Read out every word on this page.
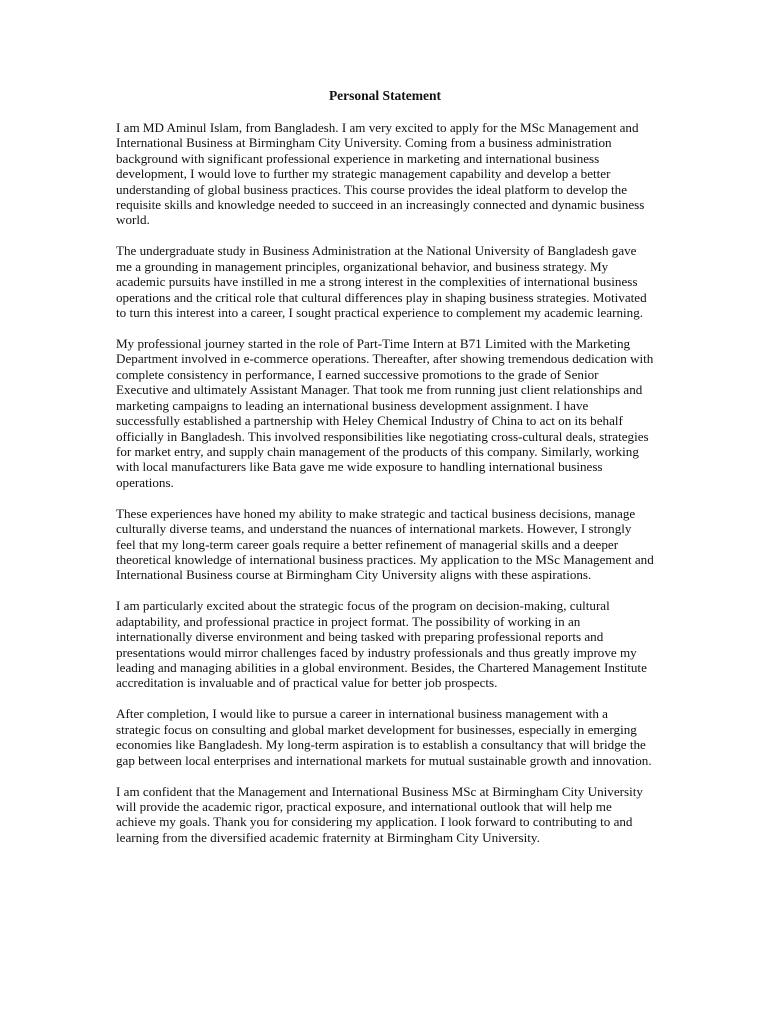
Personal Statement

I am MD Aminul Islam, from Bangladesh. I am very excited to apply for the MSc Management and International Business at Birmingham City University. Coming from a business administration background with significant professional experience in marketing and international business development, I would love to further my strategic management capability and develop a better understanding of global business practices. This course provides the ideal platform to develop the requisite skills and knowledge needed to succeed in an increasingly connected and dynamic business world.

The undergraduate study in Business Administration at the National University of Bangladesh gave me a grounding in management principles, organizational behavior, and business strategy. My academic pursuits have instilled in me a strong interest in the complexities of international business operations and the critical role that cultural differences play in shaping business strategies. Motivated to turn this interest into a career, I sought practical experience to complement my academic learning.

My professional journey started in the role of Part-Time Intern at B71 Limited with the Marketing Department involved in e-commerce operations. Thereafter, after showing tremendous dedication with complete consistency in performance, I earned successive promotions to the grade of Senior Executive and ultimately Assistant Manager. That took me from running just client relationships and marketing campaigns to leading an international business development assignment. I have successfully established a partnership with Heley Chemical Industry of China to act on its behalf officially in Bangladesh. This involved responsibilities like negotiating cross-cultural deals, strategies for market entry, and supply chain management of the products of this company. Similarly, working with local manufacturers like Bata gave me wide exposure to handling international business operations.

These experiences have honed my ability to make strategic and tactical business decisions, manage culturally diverse teams, and understand the nuances of international markets. However, I strongly feel that my long-term career goals require a better refinement of managerial skills and a deeper theoretical knowledge of international business practices. My application to the MSc Management and International Business course at Birmingham City University aligns with these aspirations.

I am particularly excited about the strategic focus of the program on decision-making, cultural adaptability, and professional practice in project format. The possibility of working in an internationally diverse environment and being tasked with preparing professional reports and presentations would mirror challenges faced by industry professionals and thus greatly improve my leading and managing abilities in a global environment. Besides, the Chartered Management Institute accreditation is invaluable and of practical value for better job prospects.

After completion, I would like to pursue a career in international business management with a strategic focus on consulting and global market development for businesses, especially in emerging economies like Bangladesh. My long-term aspiration is to establish a consultancy that will bridge the gap between local enterprises and international markets for mutual sustainable growth and innovation.

I am confident that the Management and International Business MSc at Birmingham City University will provide the academic rigor, practical exposure, and international outlook that will help me achieve my goals. Thank you for considering my application. I look forward to contributing to and learning from the diversified academic fraternity at Birmingham City University.
